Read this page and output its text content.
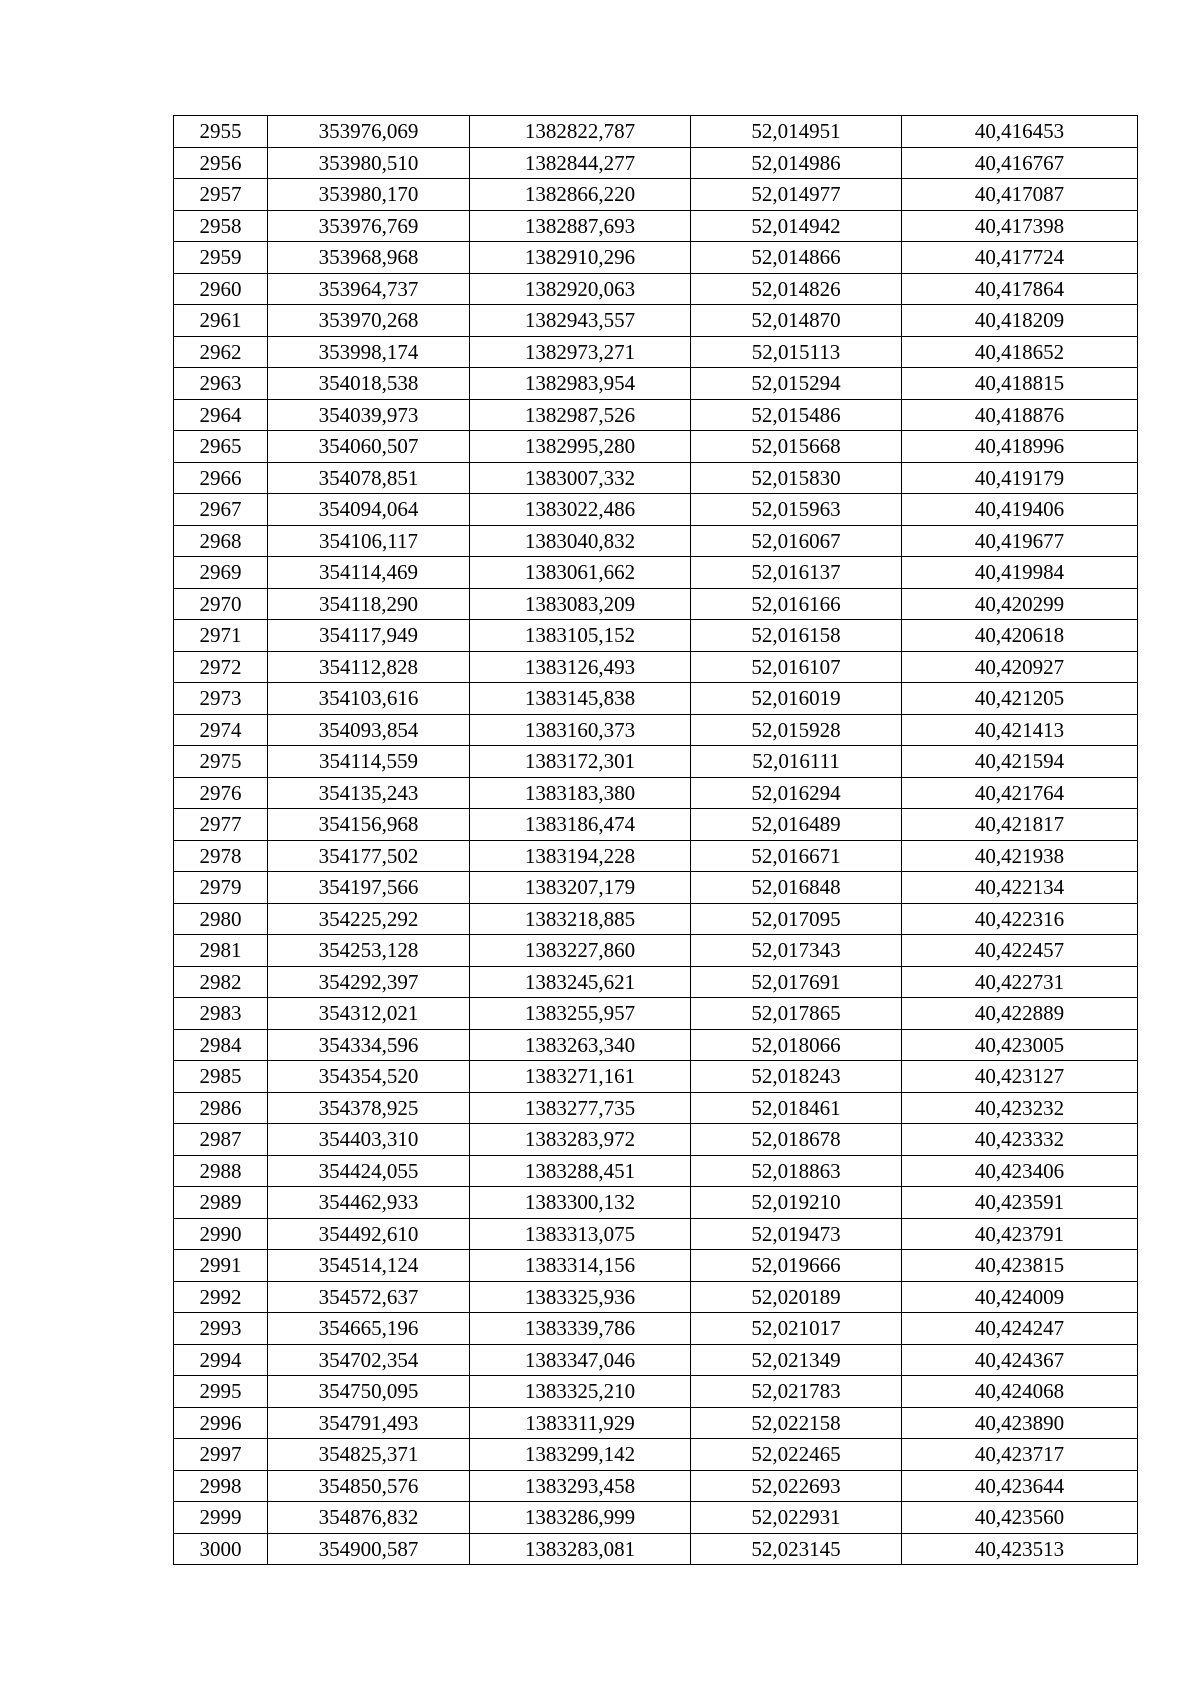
2955	353976,069	1382822,787	52,014951	40,416453
2956	353980,510	1382844,277	52,014986	40,416767
2957	353980,170	1382866,220	52,014977	40,417087
2958	353976,769	1382887,693	52,014942	40,417398
2959	353968,968	1382910,296	52,014866	40,417724
2960	353964,737	1382920,063	52,014826	40,417864
2961	353970,268	1382943,557	52,014870	40,418209
2962	353998,174	1382973,271	52,015113	40,418652
2963	354018,538	1382983,954	52,015294	40,418815
2964	354039,973	1382987,526	52,015486	40,418876
2965	354060,507	1382995,280	52,015668	40,418996
2966	354078,851	1383007,332	52,015830	40,419179
2967	354094,064	1383022,486	52,015963	40,419406
2968	354106,117	1383040,832	52,016067	40,419677
2969	354114,469	1383061,662	52,016137	40,419984
2970	354118,290	1383083,209	52,016166	40,420299
2971	354117,949	1383105,152	52,016158	40,420618
2972	354112,828	1383126,493	52,016107	40,420927
2973	354103,616	1383145,838	52,016019	40,421205
2974	354093,854	1383160,373	52,015928	40,421413
2975	354114,559	1383172,301	52,016111	40,421594
2976	354135,243	1383183,380	52,016294	40,421764
2977	354156,968	1383186,474	52,016489	40,421817
2978	354177,502	1383194,228	52,016671	40,421938
2979	354197,566	1383207,179	52,016848	40,422134
2980	354225,292	1383218,885	52,017095	40,422316
2981	354253,128	1383227,860	52,017343	40,422457
2982	354292,397	1383245,621	52,017691	40,422731
2983	354312,021	1383255,957	52,017865	40,422889
2984	354334,596	1383263,340	52,018066	40,423005
2985	354354,520	1383271,161	52,018243	40,423127
2986	354378,925	1383277,735	52,018461	40,423232
2987	354403,310	1383283,972	52,018678	40,423332
2988	354424,055	1383288,451	52,018863	40,423406
2989	354462,933	1383300,132	52,019210	40,423591
2990	354492,610	1383313,075	52,019473	40,423791
2991	354514,124	1383314,156	52,019666	40,423815
2992	354572,637	1383325,936	52,020189	40,424009
2993	354665,196	1383339,786	52,021017	40,424247
2994	354702,354	1383347,046	52,021349	40,424367
2995	354750,095	1383325,210	52,021783	40,424068
2996	354791,493	1383311,929	52,022158	40,423890
2997	354825,371	1383299,142	52,022465	40,423717
2998	354850,576	1383293,458	52,022693	40,423644
2999	354876,832	1383286,999	52,022931	40,423560
3000	354900,587	1383283,081	52,023145	40,423513
